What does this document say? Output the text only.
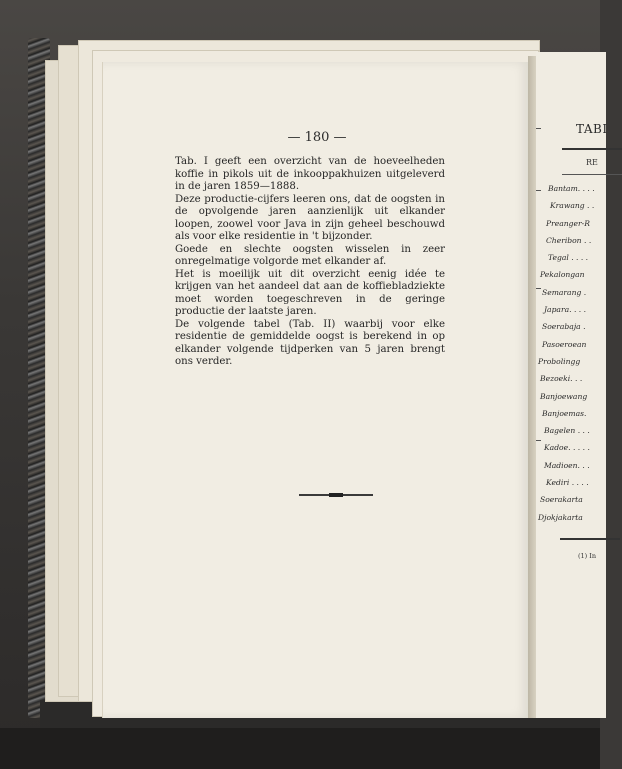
— 180 —

Tab. I geeft een overzicht van de hoeveelheden koffie in pikols uit de inkooppakhuizen uitgeleverd in de jaren 1859—1888.

Deze productie-cijfers leeren ons, dat de oogsten in de opvolgende jaren aanzienlijk uit elkander loopen, zoowel voor Java in zijn geheel beschouwd als voor elke residentie in 't bijzonder.

Goede en slechte oogsten wisselen in zeer onregelmatige volgorde met elkander af.

Het is moeilijk uit dit overzicht eenig idée te krijgen van het aandeel dat aan de koffiebladziekte moet worden toegeschreven in de geringe productie der laatste jaren.

De volgende tabel (Tab. II) waarbij voor elke residentie de gemiddelde oogst is berekend in op elkander volgende tijdperken van 5 jaren brengt ons verder.

TABI
RE
Bantam. . . .
Krawang . .
Preanger-R
Cheribon . .
Tegal . . . .
Pekalongan
Semarang .
Japara. . . .
Soerabaja .
Pasoeroean
Probolingg
Bezoeki. . .
Banjoewang
Banjoemas.
Bagelen . . .
Kadoe. . . . .
Madioen. . .
Kediri . . . .
Soerakarta
Djokjakarta
(1) In
